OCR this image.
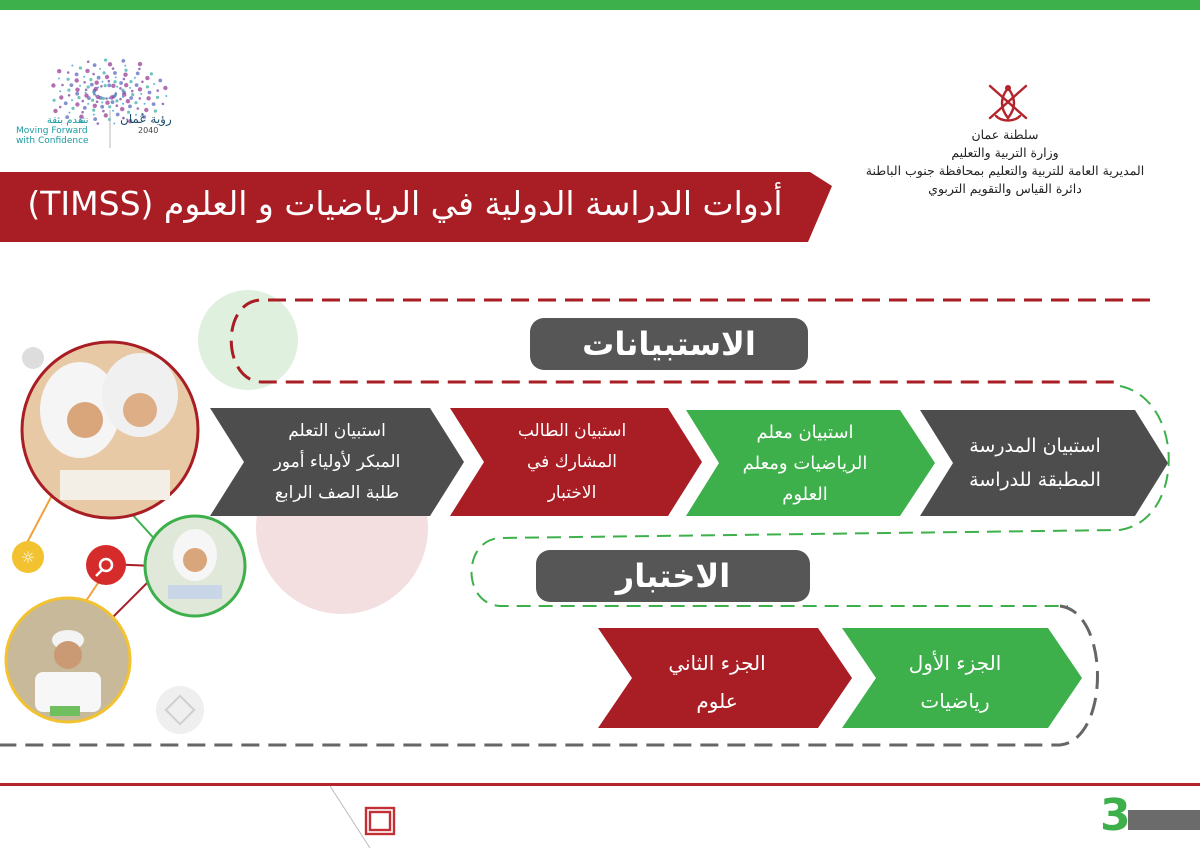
رؤية عُمان
2040
نتقدم بثقة
Moving Forward
with Confidence	سلطنة عمان
وزارة التربية والتعليم
المديرية العامة للتربية والتعليم بمحافظة جنوب الباطنة
دائرة القياس والتقويم التربوي
أدوات الدراسة الدولية في الرياضيات و العلوم (TIMSS)
الاستبيانات
الاختبار
استبيان المدرسة
المطبقة للدراسة
استبيان معلم
الرياضيات ومعلم
العلوم
استبيان الطالب
المشارك في
الاختبار
استبيان التعلم
المبكر لأولياء أمور
طلبة الصف الرابع
الجزء الأول
رياضيات
الجزء الثاني
علوم
☼
3
